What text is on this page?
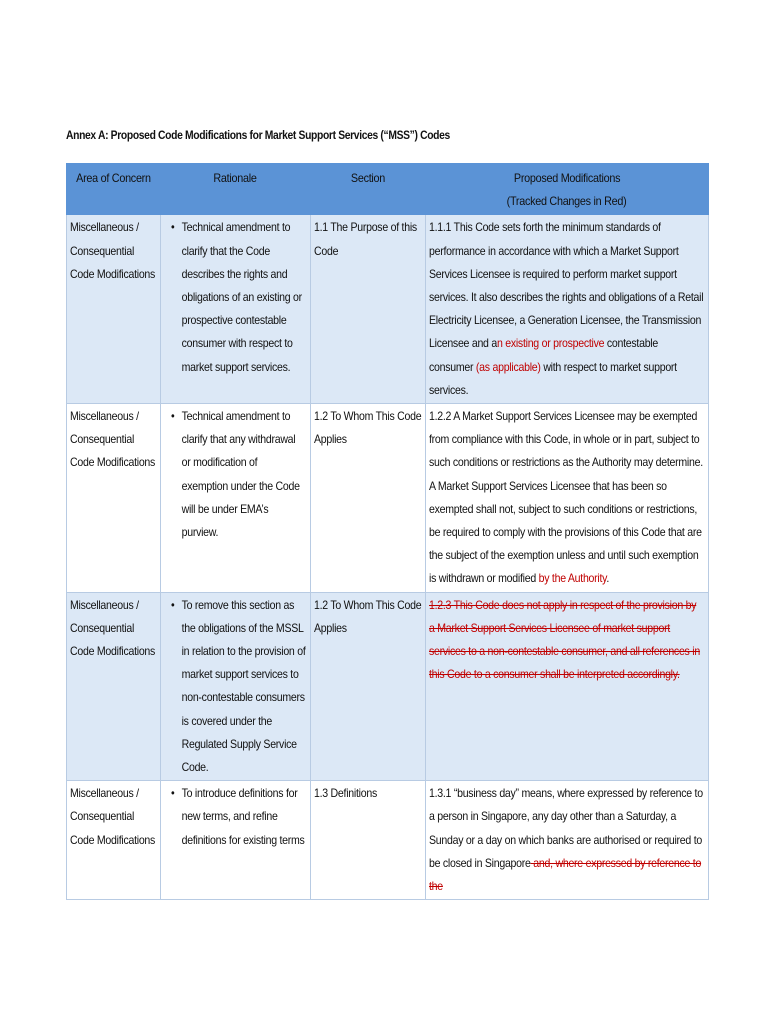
Annex A: Proposed Code Modifications for Market Support Services (“MSS”) Codes
Area of Concern	Rationale	Section	Proposed Modifications
(Tracked Changes in Red)

Miscellaneous / Consequential Code Modifications	• Technical amendment to clarify that the Code describes the rights and obligations of an existing or prospective contestable consumer with respect to market support services.	1.1 The Purpose of this Code	1.1.1 This Code sets forth the minimum standards of performance in accordance with which a Market Support Services Licensee is required to perform market support services. It also describes the rights and obligations of a Retail Electricity Licensee, a Generation Licensee, the Transmission Licensee and an existing or prospective contestable consumer (as applicable) with respect to market support services.

Miscellaneous / Consequential Code Modifications	• Technical amendment to clarify that any withdrawal or modification of exemption under the Code will be under EMA’s purview.	1.2 To Whom This Code Applies	1.2.2 A Market Support Services Licensee may be exempted from compliance with this Code, in whole or in part, subject to such conditions or restrictions as the Authority may determine. A Market Support Services Licensee that has been so exempted shall not, subject to such conditions or restrictions, be required to comply with the provisions of this Code that are the subject of the exemption unless and until such exemption is withdrawn or modified by the Authority.

Miscellaneous / Consequential Code Modifications	• To remove this section as the obligations of the MSSL in relation to the provision of market support services to non-contestable consumers is covered under the Regulated Supply Service Code.	1.2 To Whom This Code Applies	1.2.3 This Code does not apply in respect of the provision by a Market Support Services Licensee of market support services to a non-contestable consumer, and all references in this Code to a consumer shall be interpreted accordingly.

Miscellaneous / Consequential Code Modifications	• To introduce definitions for new terms, and refine definitions for existing terms	1.3 Definitions	1.3.1 “business day” means, where expressed by reference to a person in Singapore, any day other than a Saturday, a Sunday or a day on which banks are authorised or required to be closed in Singapore and, where expressed by reference to the
